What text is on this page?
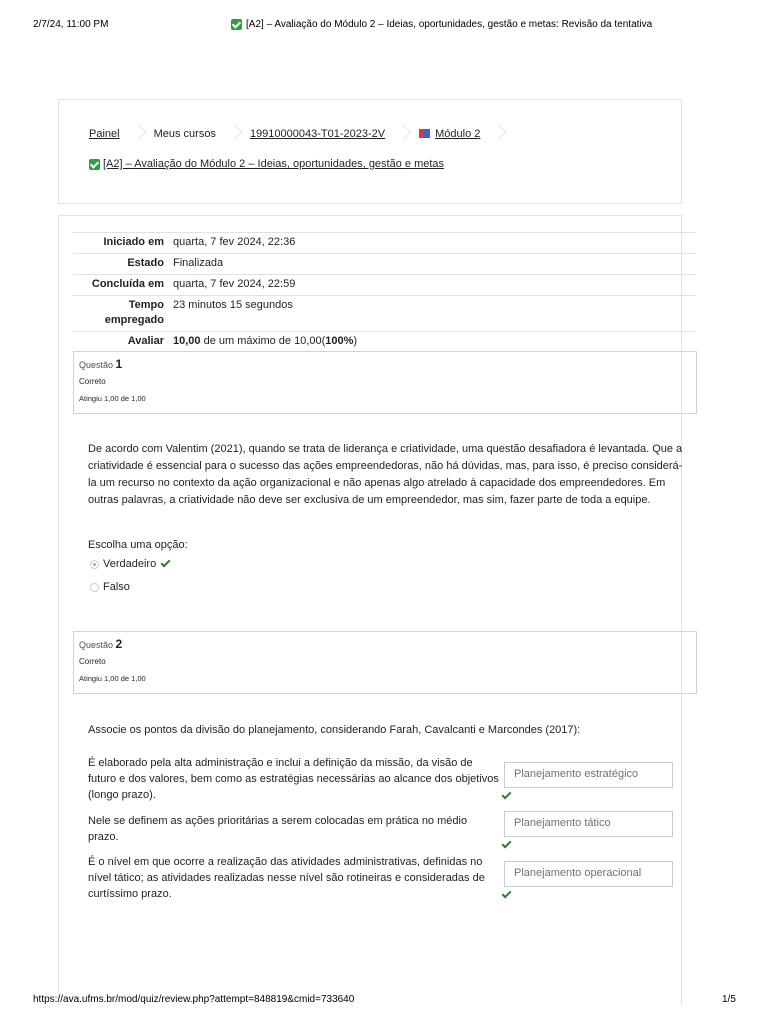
2/7/24, 11:00 PM	[A2] – Avaliação do Módulo 2 – Ideias, oportunidades, gestão e metas: Revisão da tentativa
Painel	Meus cursos	19910000043-T01-2023-2V	Módulo 2
[A2] – Avaliação do Módulo 2 – Ideias, oportunidades, gestão e metas
Iniciado em quarta, 7 fev 2024, 22:36
Estado Finalizada
Concluída em quarta, 7 fev 2024, 22:59
Tempo empregado
23 minutos 15 segundos
Avaliar 10,00 de um máximo de 10,00(100%)
Questão 1
Correto
Atingiu 1,00 de 1,00
De acordo com Valentim (2021), quando se trata de liderança e criatividade, uma questão desafiadora é levantada. Que a criatividade é essencial para o sucesso das ações empreendedoras, não há dúvidas, mas, para isso, é preciso considerá-la um recurso no contexto da ação organizacional e não apenas algo atrelado à capacidade dos empreendedores. Em outras palavras, a criatividade não deve ser exclusiva de um empreendedor, mas sim, fazer parte de toda a equipe.
Escolha uma opção:
Verdadeiro
Falso
Questão 2
Correto
Atingiu 1,00 de 1,00
Associe os pontos da divisão do planejamento, considerando Farah, Cavalcanti e Marcondes (2017):
É elaborado pela alta administração e inclui a definição da missão, da visão de futuro e dos valores, bem como as estratégias necessárias ao alcance dos objetivos (longo prazo).
Planejamento estratégico
Nele se definem as ações prioritárias a serem colocadas em prática no médio prazo.
Planejamento tático
É o nível em que ocorre a realização das atividades administrativas, definidas no nível tático; as atividades realizadas nesse nível são rotineiras e consideradas de curtíssimo prazo.
Planejamento operacional
https://ava.ufms.br/mod/quiz/review.php?attempt=848819&cmid=733640	1/5
